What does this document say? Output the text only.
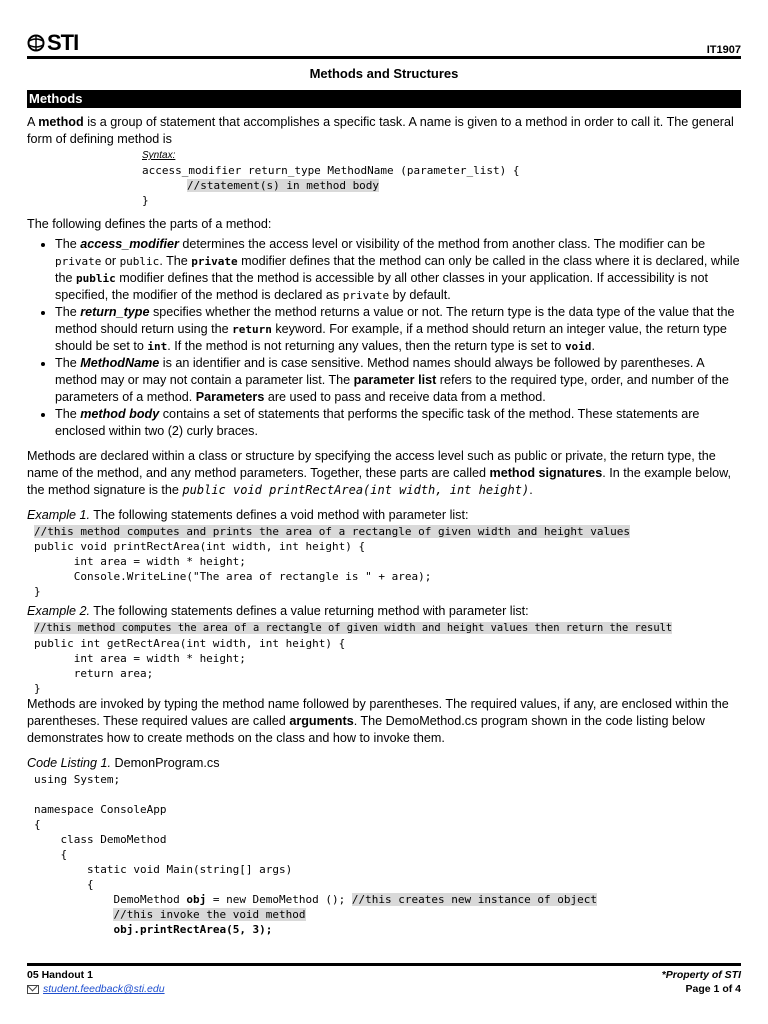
STI	IT1907
Methods and Structures
Methods

A method is a group of statement that accomplishes a specific task. A name is given to a method in order to call it. The general form of defining method is

Syntax:
access_modifier return_type MethodName (parameter_list) {
//statement(s) in method body
}

The following defines the parts of a method:

• The access_modifier determines the access level or visibility of the method from another class. The modifier can be private or public. The private modifier defines that the method can only be called in the class where it is declared, while the public modifier defines that the method is accessible by all other classes in your application. If accessibility is not specified, the modifier of the method is declared as private by default.
• The return_type specifies whether the method returns a value or not. The return type is the data type of the value that the method should return using the return keyword. For example, if a method should return an integer value, the return type should be set to int. If the method is not returning any values, then the return type is set to void.
• The MethodName is an identifier and is case sensitive. Method names should always be followed by parentheses. A method may or may not contain a parameter list. The parameter list refers to the required type, order, and number of the parameters of a method. Parameters are used to pass and receive data from a method.
• The method body contains a set of statements that performs the specific task of the method. These statements are enclosed within two (2) curly braces.

Methods are declared within a class or structure by specifying the access level such as public or private, the return type, the name of the method, and any method parameters. Together, these parts are called method signatures. In the example below, the method signature is the public void printRectArea(int width, int height).

Example 1. The following statements defines a void method with parameter list:

//this method computes and prints the area of a rectangle of given width and height values
public void printRectArea(int width, int height) {
int area = width * height;
Console.WriteLine("The area of rectangle is " + area);
}

Example 2. The following statements defines a value returning method with parameter list:

//this method computes the area of a rectangle of given width and height values then return the result
public int getRectArea(int width, int height) {
int area = width * height;
return area;
}

Methods are invoked by typing the method name followed by parentheses. The required values, if any, are enclosed within the parentheses. These required values are called arguments. The DemoMethod.cs program shown in the code listing below demonstrates how to create methods on the class and how to invoke them.

Code Listing 1. DemonProgram.cs

using System;
namespace ConsoleApp
{
class DemoMethod
{
static void Main(string[] args)
{
DemoMethod obj = new DemoMethod (); //this creates new instance of object
//this invoke the void method
obj.printRectArea(5, 3);
05 Handout 1
student.feedback@sti.edu
*Property of STI
Page 1 of 4
